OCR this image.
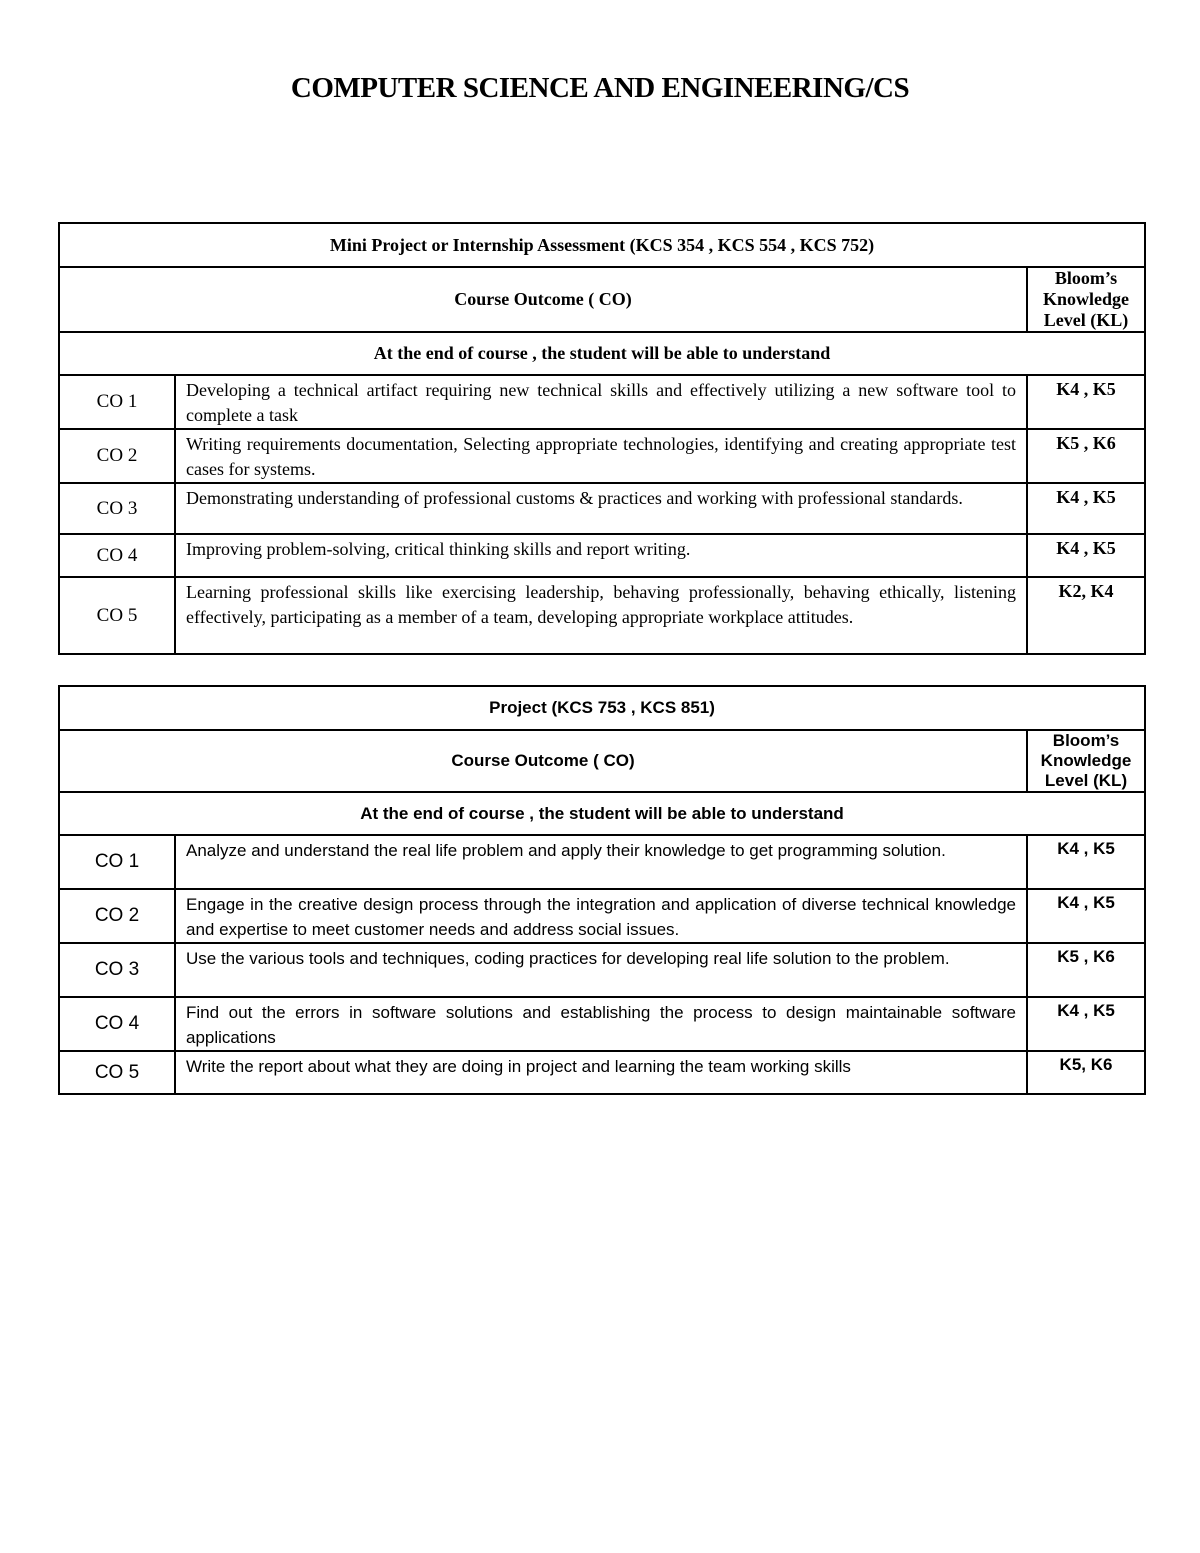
COMPUTER SCIENCE AND ENGINEERING/CS
Mini Project or Internship Assessment (KCS 354 , KCS 554 , KCS 752)		
Course Outcome ( CO)		Bloom’s Knowledge Level (KL)
At the end of course , the student will be able to understand		
CO 1	Developing a technical artifact requiring new technical skills and effectively utilizing a new software tool to complete a task	K4 , K5
CO 2	Writing requirements documentation, Selecting appropriate technologies, identifying and creating appropriate test cases for systems.	K5 , K6
CO 3	Demonstrating understanding of professional customs & practices and working with professional standards.	K4 , K5
CO 4	Improving problem-solving, critical thinking skills and report writing.	K4 , K5
CO 5	Learning professional skills like exercising leadership, behaving professionally, behaving ethically, listening effectively, participating as a member of a team, developing appropriate workplace attitudes.	K2, K4
Project (KCS 753 , KCS 851)		
Course Outcome ( CO)		Bloom’s Knowledge Level (KL)
At the end of course , the student will be able to understand		
CO 1	Analyze and understand the real life problem and apply their knowledge to get programming solution.	K4 , K5
CO 2	Engage in the creative design process through the integration and application of diverse technical knowledge and expertise to meet customer needs and address social issues.	K4 , K5
CO 3	Use the various tools and techniques, coding practices for developing real life solution to the problem.	K5 , K6
CO 4	Find out the errors in software solutions and establishing the process to design maintainable software applications	K4 , K5
CO 5	Write the report about what they are doing in project and learning the team working skills	K5, K6
